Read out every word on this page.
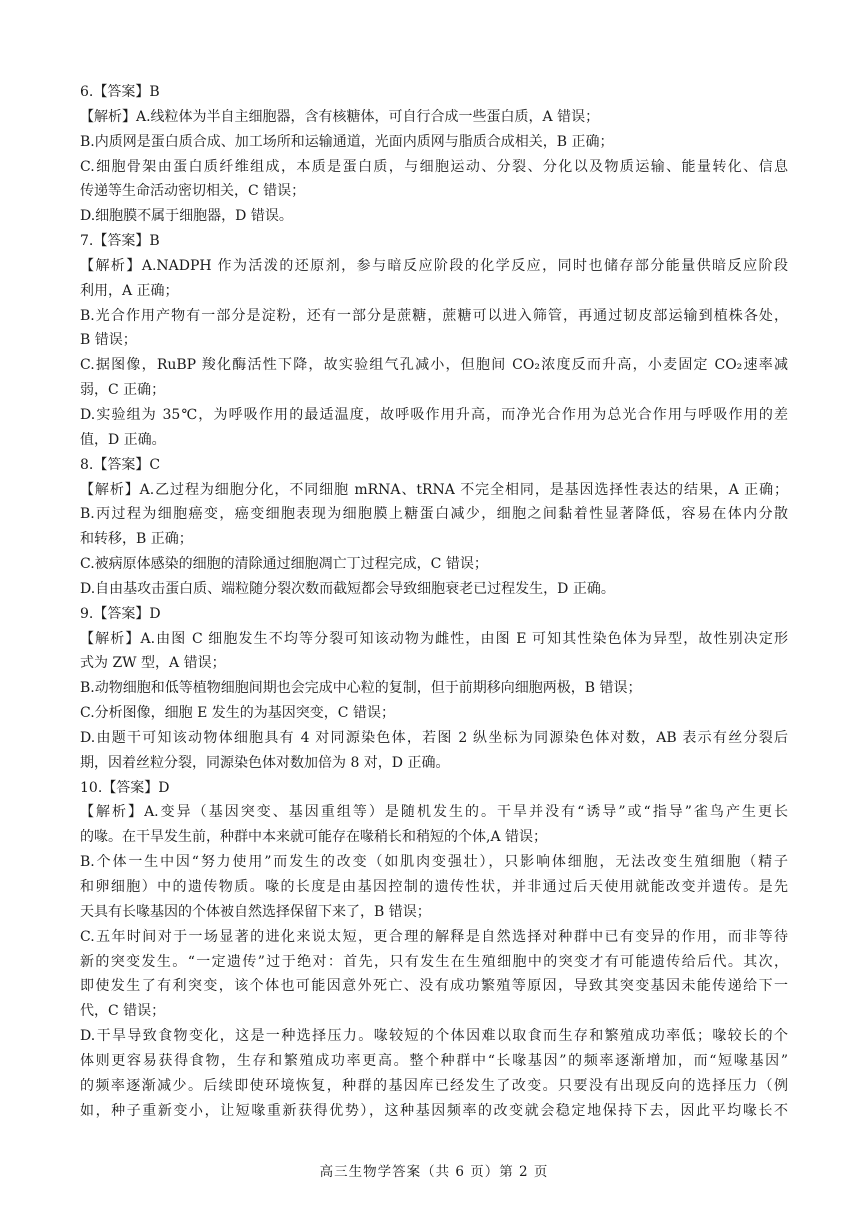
6.【答案】B
【解析】A.线粒体为半自主细胞器，含有核糖体，可自行合成一些蛋白质，A 错误；
B.内质网是蛋白质合成、加工场所和运输通道，光面内质网与脂质合成相关，B 正确；
C.细胞骨架由蛋白质纤维组成，本质是蛋白质，与细胞运动、分裂、分化以及物质运输、能量转化、信息
传递等生命活动密切相关，C 错误；
D.细胞膜不属于细胞器，D 错误。
7.【答案】B
【解析】A.NADPH 作为活泼的还原剂，参与暗反应阶段的化学反应，同时也储存部分能量供暗反应阶段
利用，A 正确；
B.光合作用产物有一部分是淀粉，还有一部分是蔗糖，蔗糖可以进入筛管，再通过韧皮部运输到植株各处，
B 错误；
C.据图像，RuBP 羧化酶活性下降，故实验组气孔减小，但胞间 CO₂浓度反而升高，小麦固定 CO₂速率减
弱，C 正确；
D.实验组为 35℃，为呼吸作用的最适温度，故呼吸作用升高，而净光合作用为总光合作用与呼吸作用的差
值，D 正确。
8.【答案】C
【解析】A.乙过程为细胞分化，不同细胞 mRNA、tRNA 不完全相同，是基因选择性表达的结果，A 正确；
B.丙过程为细胞癌变，癌变细胞表现为细胞膜上糖蛋白减少，细胞之间黏着性显著降低，容易在体内分散
和转移，B 正确；
C.被病原体感染的细胞的清除通过细胞凋亡丁过程完成，C 错误；
D.自由基攻击蛋白质、端粒随分裂次数而截短都会导致细胞衰老已过程发生，D 正确。
9.【答案】D
【解析】A.由图 C 细胞发生不均等分裂可知该动物为雌性，由图 E 可知其性染色体为异型，故性别决定形
式为 ZW 型，A 错误；
B.动物细胞和低等植物细胞间期也会完成中心粒的复制，但于前期移向细胞两极，B 错误；
C.分析图像，细胞 E 发生的为基因突变，C 错误；
D.由题干可知该动物体细胞具有 4 对同源染色体，若图 2 纵坐标为同源染色体对数，AB 表示有丝分裂后
期，因着丝粒分裂，同源染色体对数加倍为 8 对，D 正确。
10.【答案】D
【解析】A.变异（基因突变、基因重组等）是随机发生的。干旱并没有“诱导”或“指导”雀鸟产生更长
的喙。在干旱发生前，种群中本来就可能存在喙稍长和稍短的个体,A 错误；
B.个体一生中因“努力使用”而发生的改变（如肌肉变强壮），只影响体细胞，无法改变生殖细胞（精子
和卵细胞）中的遗传物质。喙的长度是由基因控制的遗传性状，并非通过后天使用就能改变并遗传。是先
天具有长喙基因的个体被自然选择保留下来了，B 错误；
C.五年时间对于一场显著的进化来说太短，更合理的解释是自然选择对种群中已有变异的作用，而非等待
新的突变发生。“一定遗传”过于绝对：首先，只有发生在生殖细胞中的突变才有可能遗传给后代。其次，
即使发生了有利突变，该个体也可能因意外死亡、没有成功繁殖等原因，导致其突变基因未能传递给下一
代，C 错误；
D.干旱导致食物变化，这是一种选择压力。喙较短的个体因难以取食而生存和繁殖成功率低；喙较长的个
体则更容易获得食物，生存和繁殖成功率更高。整个种群中“长喙基因”的频率逐渐增加，而“短喙基因”
的频率逐渐减少。后续即使环境恢复，种群的基因库已经发生了改变。只要没有出现反向的选择压力（例
如，种子重新变小，让短喙重新获得优势），这种基因频率的改变就会稳定地保持下去，因此平均喙长不
高三生物学答案（共 6 页）第 2 页
